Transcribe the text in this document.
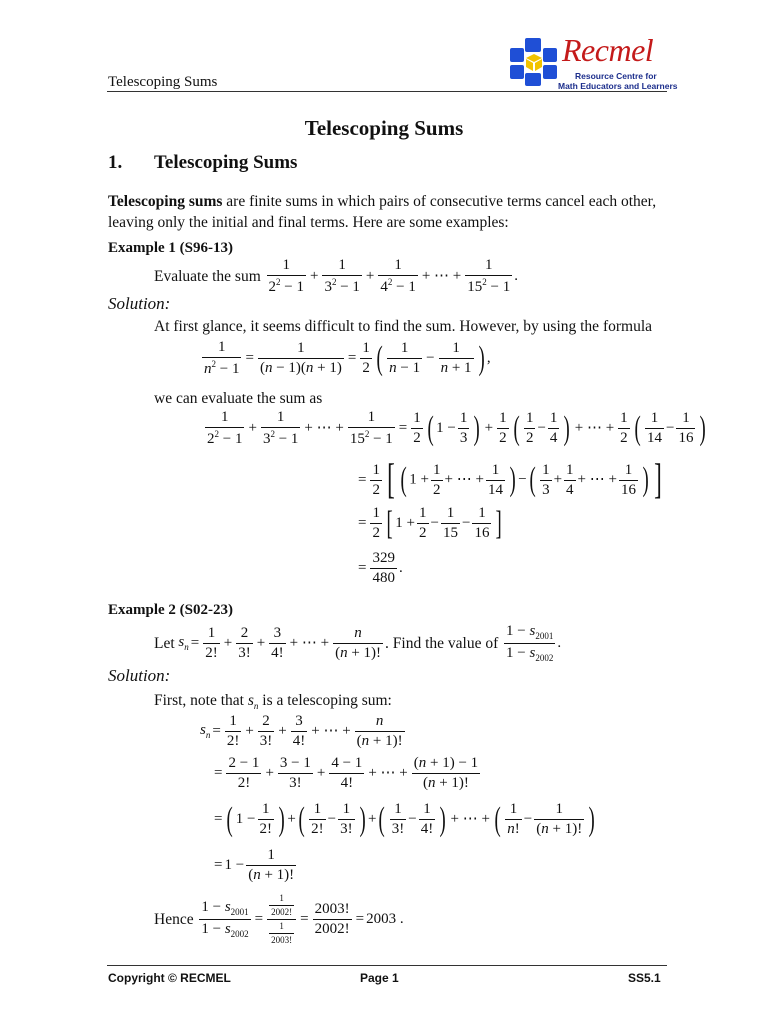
Telescoping Sums
Recmel
Resource Centre for
Math Educators and Learners
Telescoping Sums
1. Telescoping Sums
Telescoping sums are finite sums in which pairs of consecutive terms cancel each other,
leaving only the initial and final terms. Here are some examples:
Example 1 (S96-13)
Evaluate the sum $\frac{1}{2^2 - 1} + \frac{1}{3^2 - 1} + \frac{1}{4^2 - 1}$ + ⋯ + $\frac{1}{15^2 - 1}$ .
Solution:
At first glance, it seems difficult to find the sum. However, by using the formula
$\frac{1}{n^2 - 1} = \frac{1}{(n - 1)(n + 1)} = \frac{1}{2}$ ( $\frac{1}{n - 1} - \frac{1}{n + 1}$ ) ,
we can evaluate the sum as
$\frac{1}{2^2 - 1} + \frac{1}{3^2 - 1}$ + ⋯ + $\frac{1}{15^2 - 1} = \frac{1}{2}$ ( $1 - \frac{1}{3}$ ) + $\frac{1}{2}$ ( $\frac{1}{2} - \frac{1}{4}$ ) + ⋯ + $\frac{1}{2}$ ( $\frac{1}{14} - \frac{1}{16}$ )
= $\frac{1}{2}$ [ ( $1 + \frac{1}{2}$ + ⋯ + $\frac{1}{14}$ ) −( $\frac{1}{3} + \frac{1}{4}$ + ⋯ + $\frac{1}{16}$ ) ]
= $\frac{1}{2}$ [ $1 + \frac{1}{2} - \frac{1}{15} - \frac{1}{16}$ ]
= $\frac{329}{480}$ .
Example 2 (S02-23)
Let $s_n = \frac{1}{2!} + \frac{2}{3!} + \frac{3}{4!}$ + ⋯ + $\frac{n}{(n + 1)!}$ . Find the value of $\frac{1 - s_{2001}}{1 - s_{2002}}$ .
Solution:
First, note that $s_n$ is a telescoping sum:
$s_n = \frac{1}{2!} + \frac{2}{3!} + \frac{3}{4!}$ + ⋯ + $\frac{n}{(n + 1)!}$
= $\frac{2 - 1}{2!} + \frac{3 - 1}{3!} + \frac{4 - 1}{4!}$ + ⋯ + $\frac{(n + 1) - 1}{(n + 1)!}$
= ( $1 - \frac{1}{2!}$ ) +( $\frac{1}{2!} - \frac{1}{3!}$ ) +( $\frac{1}{3!} - \frac{1}{4!}$ ) + ⋯ + ( $\frac{1}{n!} - \frac{1}{(n + 1)!}$ )
= $1 - \frac{1}{(n + 1)!}$
Hence $\frac{1 - s_{2001}}{1 - s_{2002}} = \frac{\frac{1}{2002!}}{\frac{1}{2003!}} = \frac{2003!}{2002!} = 2003$ .
Copyright © RECMEL	Page 1	SS5.1
